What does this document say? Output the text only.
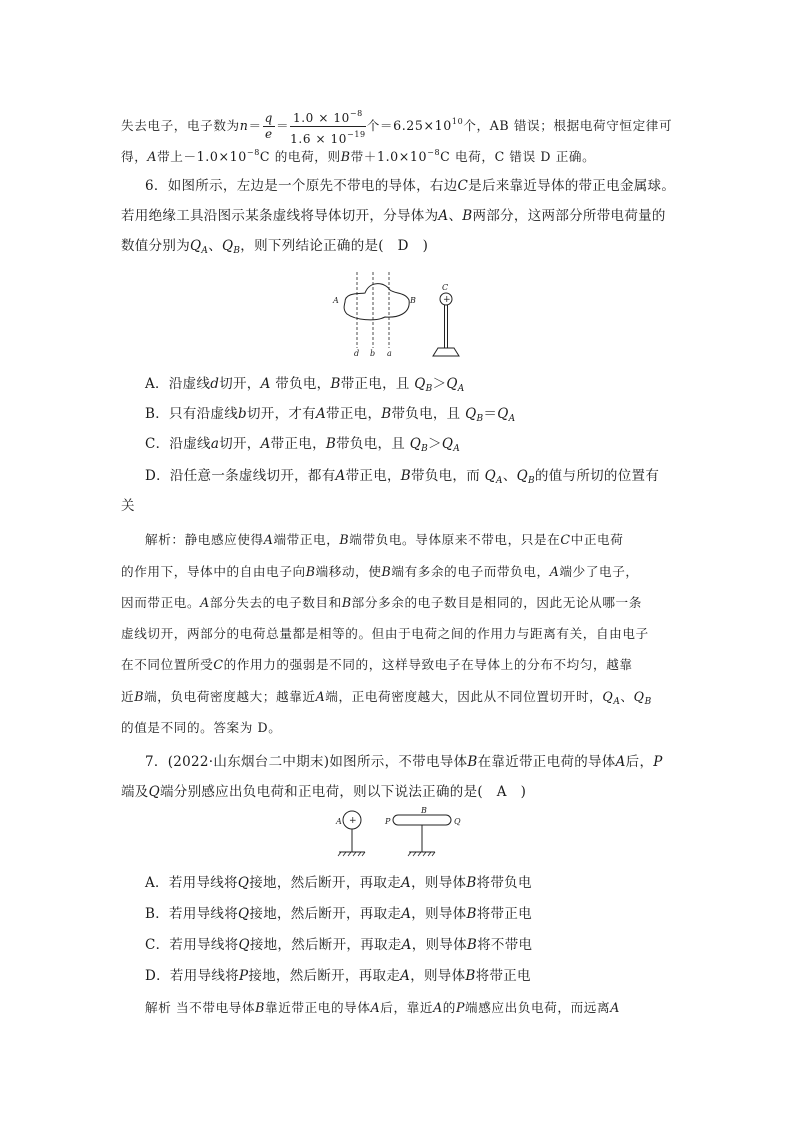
失去电子，电子数为$n= \frac{q}{e} = \frac{1.0 \times 10^{-8}}{1.6 \times 10^{-19}}$ 个$=6.25\times 10^{10}$个，AB 错误；根据电荷守恒定律可
得，A带上$-1.0\times 10^{-8}C$ 的电荷，则B带$+1.0\times 10^{-8}C$ 电荷，C 错误 D 正确。
6．如图所示，左边是一个原先不带电的导体，右边C是后来靠近导体的带正电金属球。
若用绝缘工具沿图示某条虚线将导体切开，分导体为A、B两部分，这两部分所带电荷量的
数值分别为$Q_A$、$Q_B$，则下列结论正确的是(　D　)
A	B
d b a
C
+
A．沿虚线d切开，A 带负电，B带正电，且 $Q_B>Q_A$
B．只有沿虚线b切开，才有A带正电，B带负电，且 $Q_B=Q_A$
C．沿虚线a切开，A带正电，B带负电，且 $Q_B>Q_A$
D．沿任意一条虚线切开，都有A带正电，B带负电，而 $Q_A$、$Q_B$的值与所切的位置有
关
解析：静电感应使得A端带正电，B端带负电。导体原来不带电，只是在C中正电荷
的作用下，导体中的自由电子向B端移动，使B端有多余的电子而带负电，A端少了电子，
因而带正电。A部分失去的电子数目和B部分多余的电子数目是相同的，因此无论从哪一条
虚线切开，两部分的电荷总量都是相等的。但由于电荷之间的作用力与距离有关，自由电子
在不同位置所受C的作用力的强弱是不同的，这样导致电子在导体上的分布不均匀，越靠
近B端，负电荷密度越大；越靠近A端，正电荷密度越大，因此从不同位置切开时，$Q_A$、$Q_B$
的值是不同的。答案为 D。
7．(2022·山东烟台二中期末)如图所示，不带电导体B在靠近带正电荷的导体A后，P
端及Q端分别感应出负电荷和正电荷，则以下说法正确的是(　A　)
A +
B
P	Q
A．若用导线将Q接地，然后断开，再取走A，则导体B将带负电
B．若用导线将Q接地，然后断开，再取走A，则导体B将带正电
C．若用导线将Q接地，然后断开，再取走A，则导体B将不带电
D．若用导线将P接地，然后断开，再取走A，则导体B将带正电
解析 当不带电导体B靠近带正电的导体A后，靠近A的P端感应出负电荷，而远离A
